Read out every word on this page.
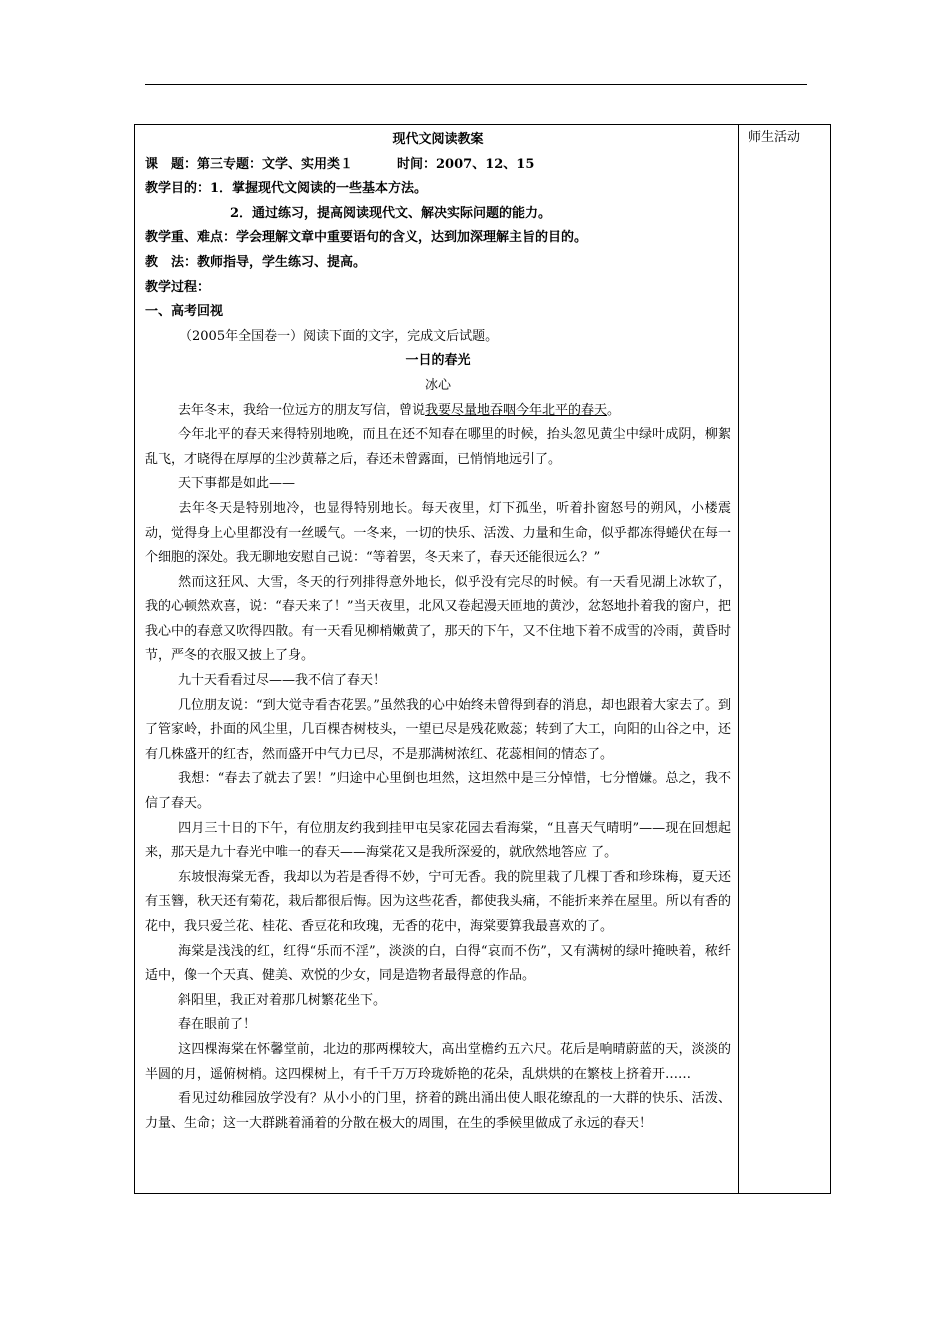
师生活动
现代文阅读教案
课　题：第三专题：文学、实用类１	时间：2007、12、15
教学目的：1．掌握现代文阅读的一些基本方法。
2．通过练习，提高阅读现代文、解决实际问题的能力。
教学重、难点：学会理解文章中重要语句的含义，达到加深理解主旨的目的。
教　法：教师指导，学生练习、提高。
教学过程：
一、高考回视
（2005年全国卷一）阅读下面的文字，完成文后试题。
一日的春光
冰心
去年冬末，我给一位远方的朋友写信，曾说我要尽量地吞咽今年北平的春天。
今年北平的春天来得特别地晚，而且在还不知春在哪里的时候，抬头忽见黄尘中绿叶成阴，柳絮乱飞，才晓得在厚厚的尘沙黄幕之后，春还未曾露面，已悄悄地远引了。
天下事都是如此——
去年冬天是特别地冷，也显得特别地长。每天夜里，灯下孤坐，听着扑窗怒号的朔风，小楼震动，觉得身上心里都没有一丝暖气。一冬来，一切的快乐、活泼、力量和生命，似乎都冻得蜷伏在每一个细胞的深处。我无聊地安慰自己说：“等着罢，冬天来了，春天还能很远么？”
然而这狂风、大雪，冬天的行列排得意外地长，似乎没有完尽的时候。有一天看见湖上冰软了，我的心顿然欢喜，说：“春天来了！”当天夜里，北风又卷起漫天匝地的黄沙，忿怒地扑着我的窗户，把我心中的春意又吹得四散。有一天看见柳梢嫩黄了，那天的下午，又不住地下着不成雪的冷雨，黄昏时节，严冬的衣服又披上了身。
九十天看看过尽——我不信了春天！
几位朋友说：“到大觉寺看杏花罢。”虽然我的心中始终未曾得到春的消息，却也跟着大家去了。到了管家岭，扑面的风尘里，几百棵杏树枝头，一望已尽是残花败蕊；转到了大工，向阳的山谷之中，还有几株盛开的红杏，然而盛开中气力已尽，不是那满树浓红、花蕊相间的情态了。
我想：“春去了就去了罢！”归途中心里倒也坦然，这坦然中是三分悼惜，七分憎嫌。总之，我不信了春天。
四月三十日的下午，有位朋友约我到挂甲屯吴家花园去看海棠，“且喜天气晴明”——现在回想起来，那天是九十春光中唯一的春天——海棠花又是我所深爱的，就欣然地答应 了。
东坡恨海棠无香，我却以为若是香得不妙，宁可无香。我的院里栽了几棵丁香和珍珠梅，夏天还有玉簪，秋天还有菊花，栽后都很后悔。因为这些花香，都使我头痛，不能折来养在屋里。所以有香的花中，我只爱兰花、桂花、香豆花和玫瑰，无香的花中，海棠要算我最喜欢的了。
海棠是浅浅的红，红得“乐而不淫”，淡淡的白，白得“哀而不伤”，又有满树的绿叶掩映着，秾纤适中，像一个天真、健美、欢悦的少女，同是造物者最得意的作品。
斜阳里，我正对着那几树繁花坐下。
春在眼前了！
这四棵海棠在怀馨堂前，北边的那两棵较大，高出堂檐约五六尺。花后是响晴蔚蓝的天，淡淡的半圆的月，遥俯树梢。这四棵树上，有千千万万玲珑娇艳的花朵，乱烘烘的在繁枝上挤着开……
看见过幼稚园放学没有？从小小的门里，挤着的跳出涌出使人眼花缭乱的一大群的快乐、活泼、力量、生命；这一大群跳着涌着的分散在极大的周围，在生的季候里做成了永远的春天！
